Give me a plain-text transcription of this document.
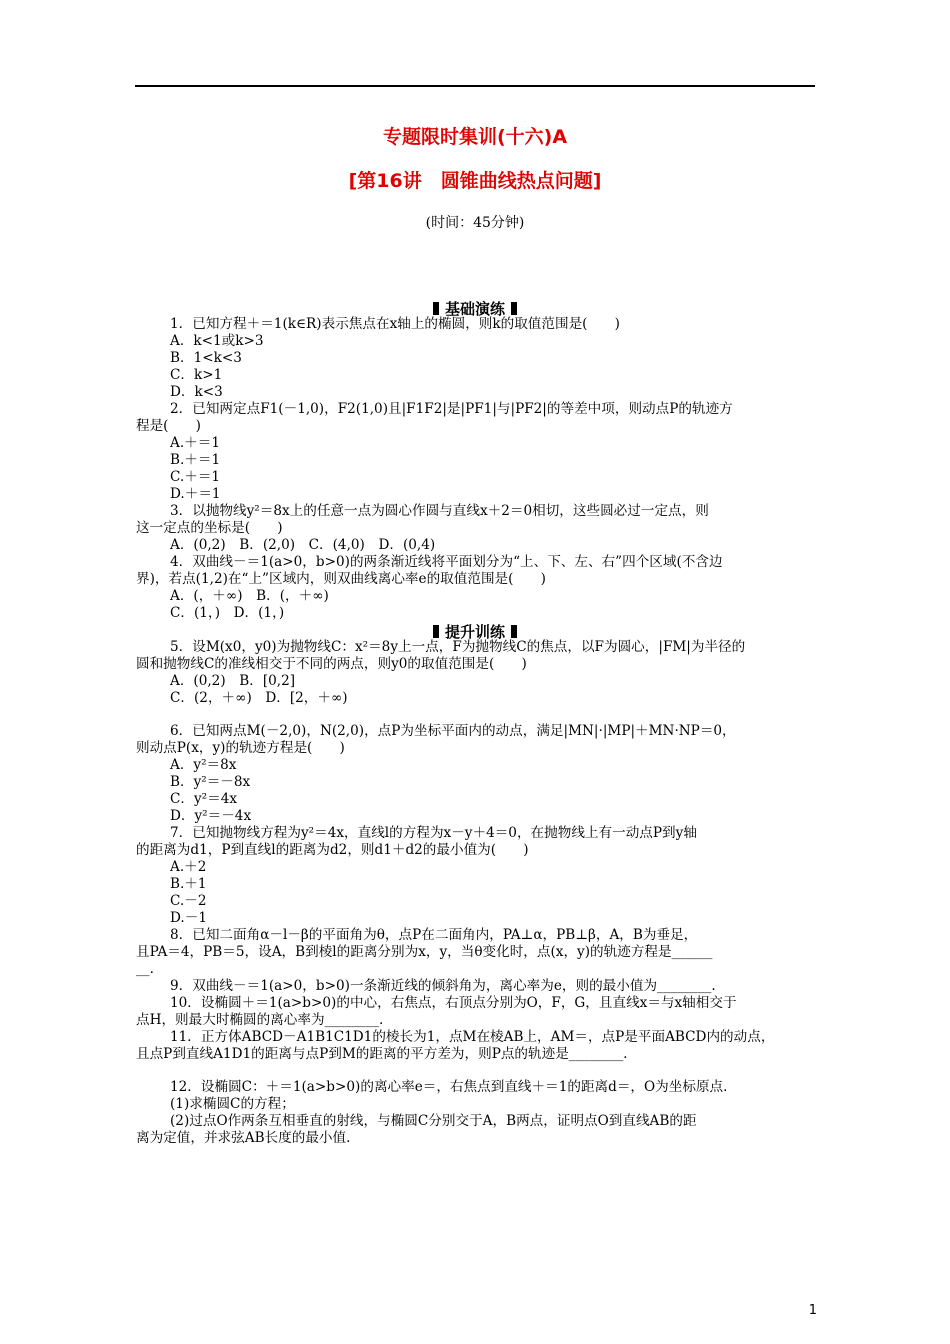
专题限时集训(十六)A
[第16讲　圆锥曲线热点问题]
(时间：45分钟)
基础演练
1．已知方程＋＝1(k∈R)表示焦点在x轴上的椭圆，则k的取值范围是(　　)
A．k<1或k>3
B．1<k<3
C．k>1
D．k<3
2．已知两定点F1(－1,0)，F2(1,0)且|F1F2|是|PF1|与|PF2|的等差中项，则动点P的轨迹方
程是(　　)
A.＋＝1
B.＋＝1
C.＋＝1
D.＋＝1
3．以抛物线y²＝8x上的任意一点为圆心作圆与直线x＋2＝0相切，这些圆必过一定点，则
这一定点的坐标是(　　)
A．(0,2)　B．(2,0)　C．(4,0)　D．(0,4)
4．双曲线－＝1(a>0，b>0)的两条渐近线将平面划分为“上、下、左、右”四个区域(不含边
界)，若点(1,2)在“上”区域内，则双曲线离心率e的取值范围是(　　)
A．(，＋∞)　B．(，＋∞)
C．(1，)　D．(1，)
提升训练
5．设M(x0，y0)为抛物线C：x²＝8y上一点，F为抛物线C的焦点，以F为圆心，|FM|为半径的
圆和抛物线C的准线相交于不同的两点，则y0的取值范围是(　　)
A．(0,2)　B．[0,2]
C．(2，＋∞)　D．[2，＋∞)
6．已知两点M(－2,0)，N(2,0)，点P为坐标平面内的动点，满足|MN|·|MP|＋MN·NP＝0，
则动点P(x，y)的轨迹方程是(　　)
A．y²＝8x
B．y²＝－8x
C．y²＝4x
D．y²＝－4x
7．已知抛物线方程为y²＝4x，直线l的方程为x－y＋4＝0，在抛物线上有一动点P到y轴
的距离为d1，P到直线l的距离为d2，则d1＋d2的最小值为(　　)
A.＋2
B.＋1
C.－2
D.－1
8．已知二面角α－l－β的平面角为θ，点P在二面角内，PA⊥α，PB⊥β，A，B为垂足，
且PA＝4，PB＝5，设A，B到棱l的距离分别为x，y，当θ变化时，点(x，y)的轨迹方程是______
__.
9．双曲线－＝1(a>0，b>0)一条渐近线的倾斜角为，离心率为e，则的最小值为________.
10．设椭圆＋＝1(a>b>0)的中心，右焦点，右顶点分别为O，F，G，且直线x＝与x轴相交于
点H，则最大时椭圆的离心率为________.
11．正方体ABCD－A1B1C1D1的棱长为1，点M在棱AB上，AM＝，点P是平面ABCD内的动点，
且点P到直线A1D1的距离与点P到M的距离的平方差为，则P点的轨迹是________.
12．设椭圆C：＋＝1(a>b>0)的离心率e＝，右焦点到直线＋＝1的距离d＝，O为坐标原点.
(1)求椭圆C的方程；
(2)过点O作两条互相垂直的射线，与椭圆C分别交于A，B两点，证明点O到直线AB的距
离为定值，并求弦AB长度的最小值.
1
